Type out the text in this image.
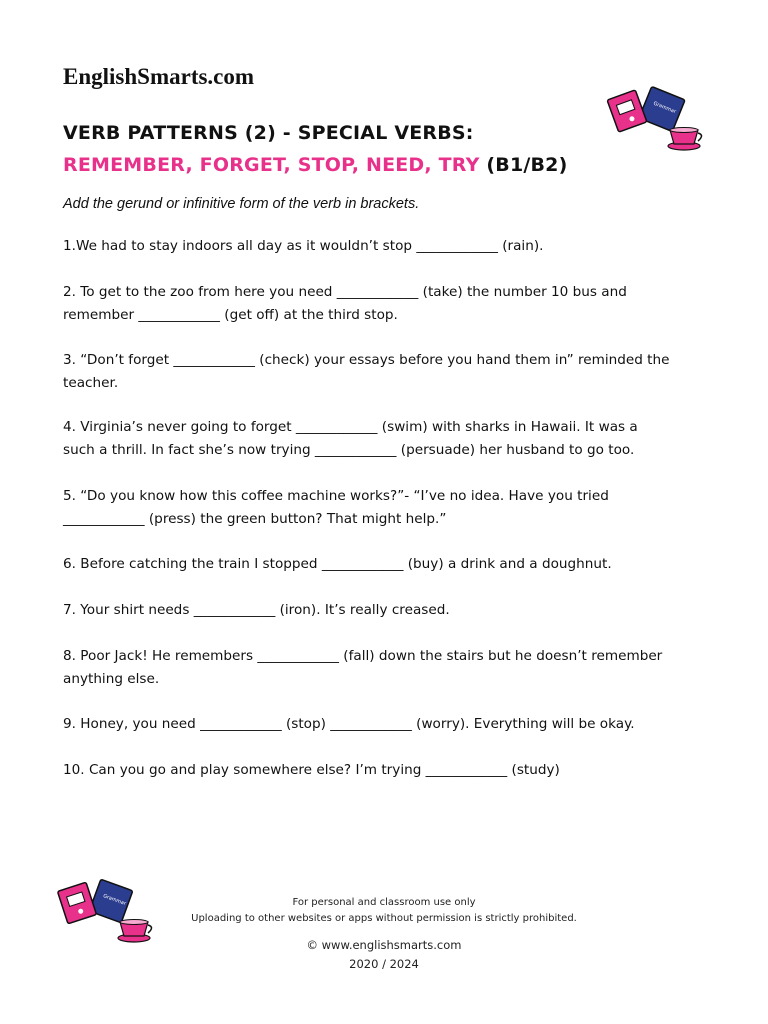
EnglishSmarts.com
Grammar
VERB PATTERNS (2) - SPECIAL VERBS:
REMEMBER, FORGET, STOP, NEED, TRY (B1/B2)
Add the gerund or infinitive form of the verb in brackets.
1.We had to stay indoors all day as it wouldn’t stop ____________ (rain).
2. To get to the zoo from here you need ____________ (take) the number 10 bus and
remember ____________ (get off) at the third stop.
3. “Don’t forget ____________ (check) your essays before you hand them in” reminded the
teacher.
4. Virginia’s never going to forget ____________ (swim) with sharks in Hawaii. It was a
such a thrill. In fact she’s now trying ____________ (persuade) her husband to go too.
5. “Do you know how this coffee machine works?”- “I’ve no idea. Have you tried
____________ (press) the green button? That might help.”
6. Before catching the train I stopped ____________ (buy) a drink and a doughnut.
7. Your shirt needs ____________ (iron). It’s really creased.
8. Poor Jack! He remembers ____________ (fall) down the stairs but he doesn’t remember
anything else.
9. Honey, you need ____________ (stop) ____________ (worry). Everything will be okay.
10. Can you go and play somewhere else? I’m trying ____________ (study)
Grammar	For personal and classroom use only
Uploading to other websites or apps without permission is strictly prohibited.
© www.englishsmarts.com
2020 / 2024
